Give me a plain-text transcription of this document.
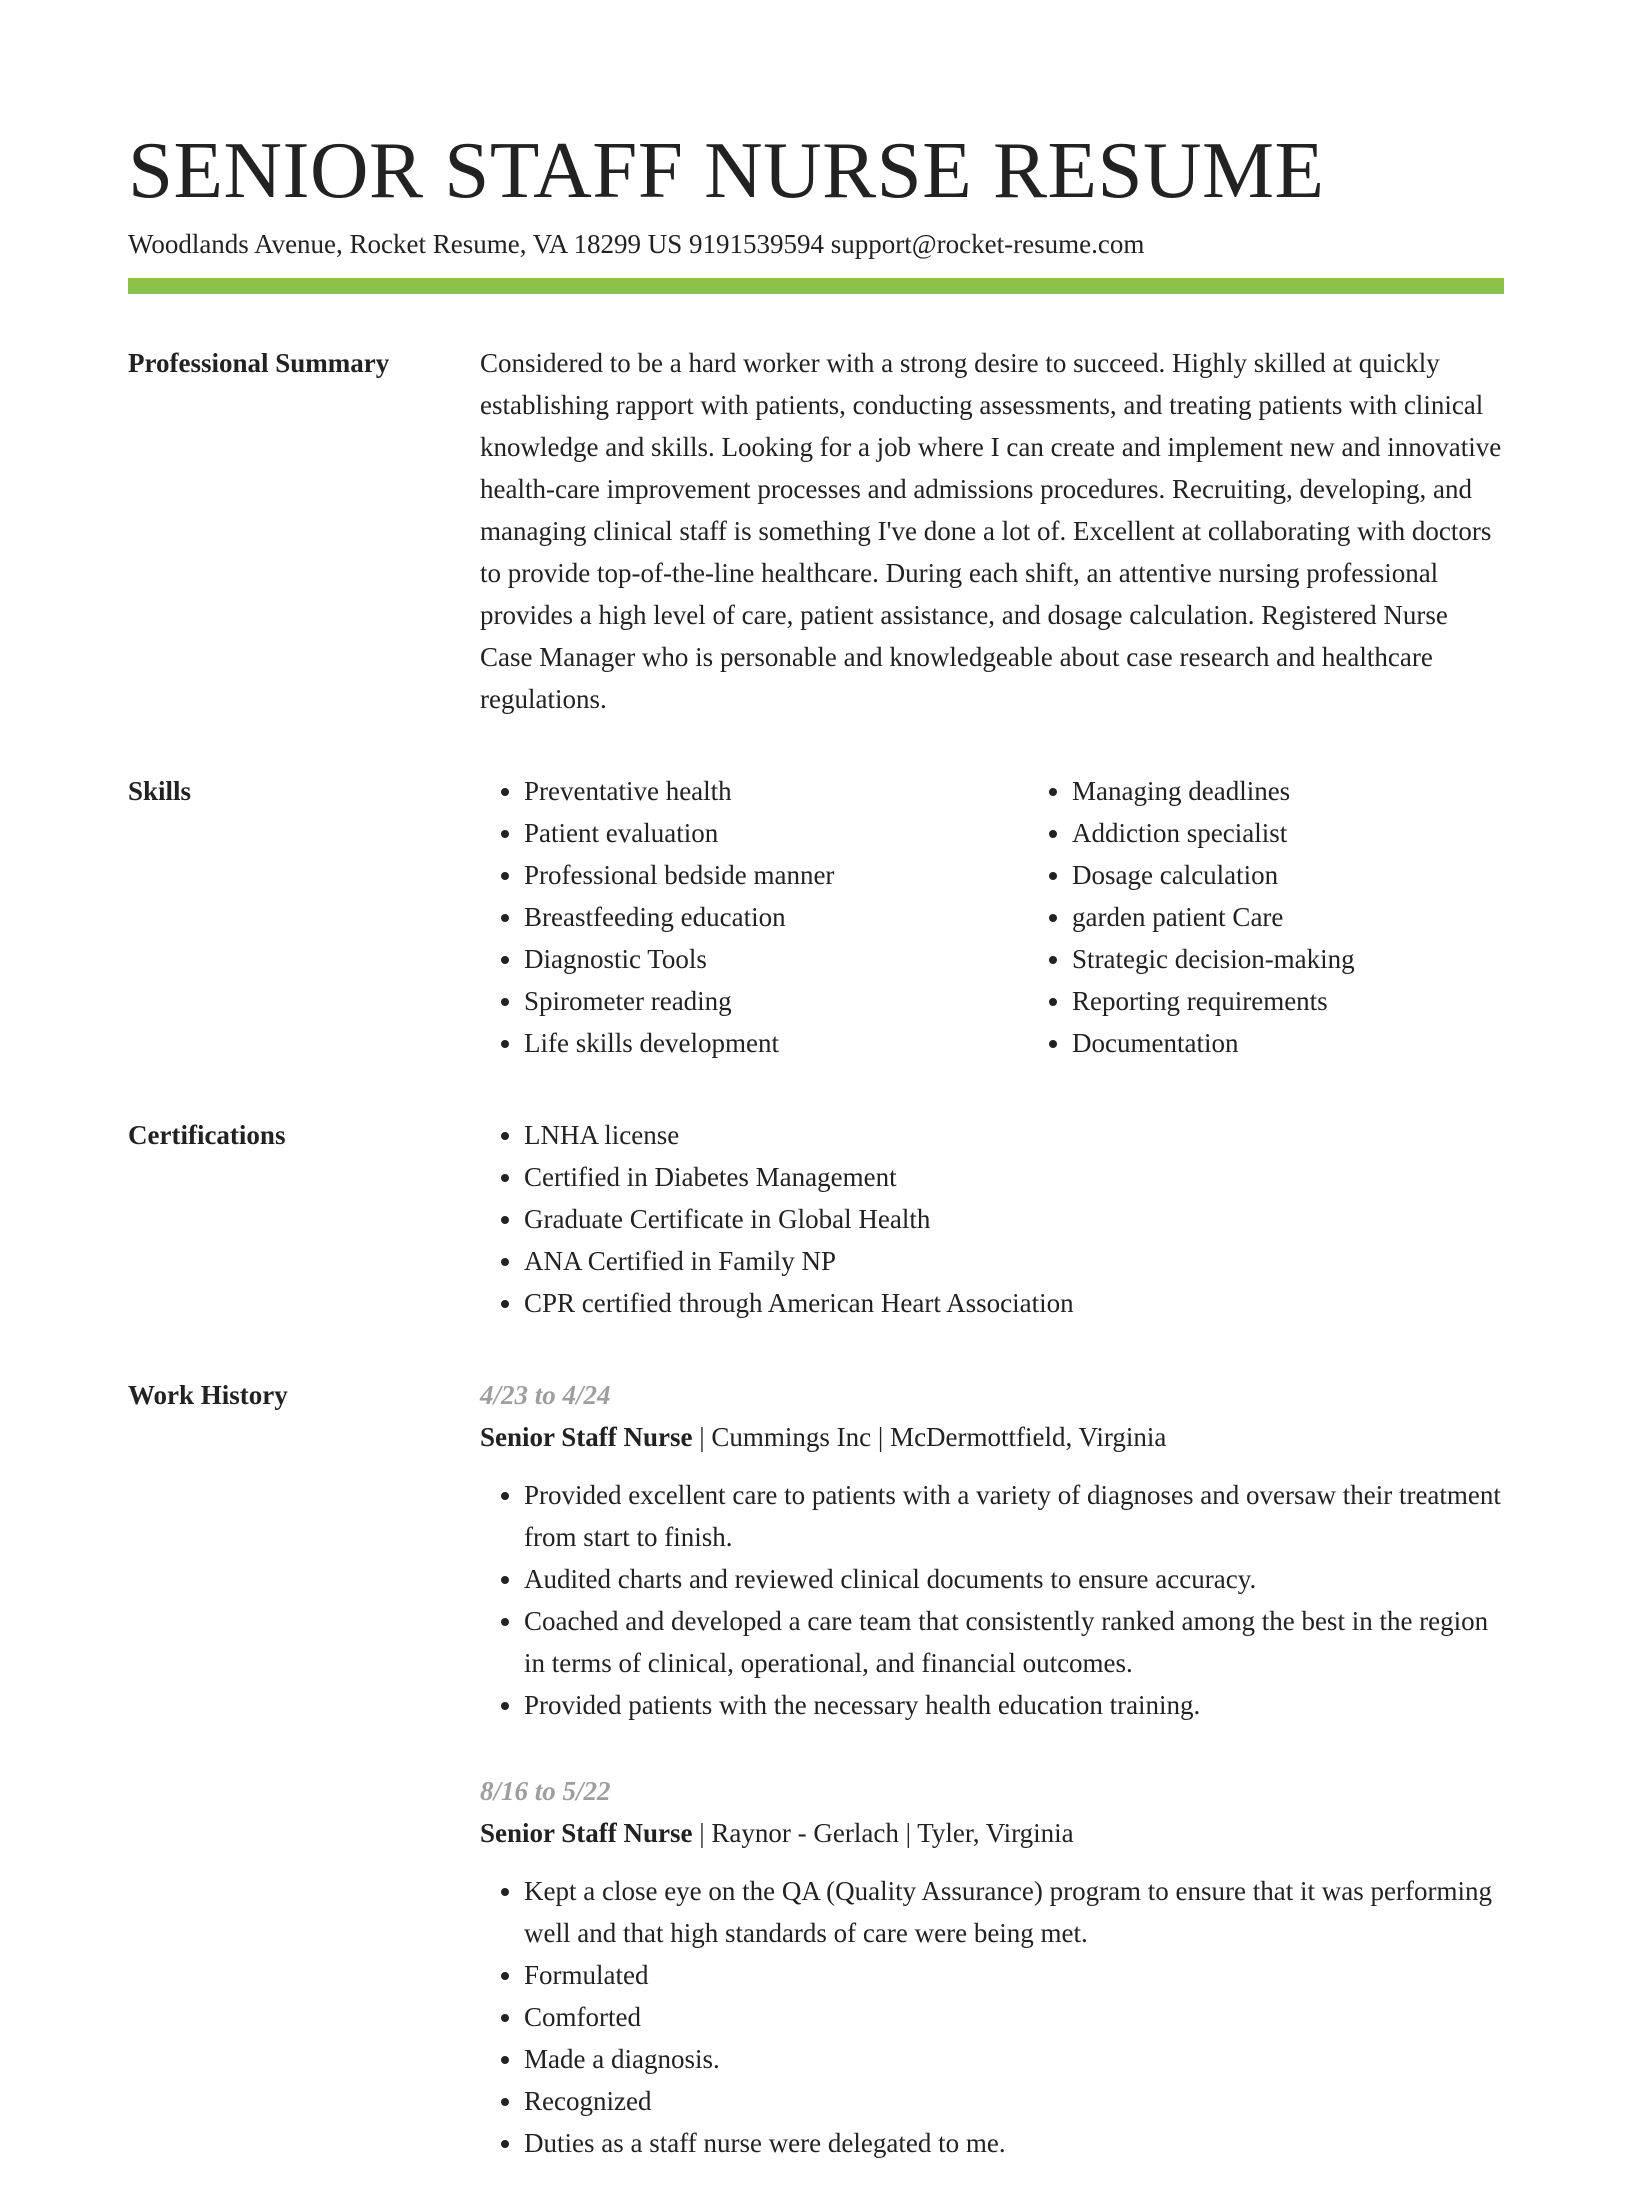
SENIOR STAFF NURSE RESUME
Woodlands Avenue, Rocket Resume, VA 18299 US 9191539594 support@rocket-resume.com
Professional Summary	Considered to be a hard worker with a strong desire to succeed. Highly skilled at quickly establishing rapport with patients, conducting assessments, and treating patients with clinical knowledge and skills. Looking for a job where I can create and implement new and innovative health-care improvement processes and admissions procedures. Recruiting, developing, and managing clinical staff is something I've done a lot of. Excellent at collaborating with doctors to provide top-of-the-line healthcare. During each shift, an attentive nursing professional provides a high level of care, patient assistance, and dosage calculation. Registered Nurse Case Manager who is personable and knowledgeable about case research and healthcare regulations.

Skills	• Preventative health
• Patient evaluation
• Professional bedside manner
• Breastfeeding education
• Diagnostic Tools
• Spirometer reading
• Life skills development
• Managing deadlines
• Addiction specialist
• Dosage calculation
• garden patient Care
• Strategic decision-making
• Reporting requirements
• Documentation
Certifications	• LNHA license
• Certified in Diabetes Management
• Graduate Certificate in Global Health
• ANA Certified in Family NP
• CPR certified through American Heart Association
Work History	4/23 to 4/24
Senior Staff Nurse | Cummings Inc | McDermottfield, Virginia
• Provided excellent care to patients with a variety of diagnoses and oversaw their treatment from start to finish.
• Audited charts and reviewed clinical documents to ensure accuracy.
• Coached and developed a care team that consistently ranked among the best in the region in terms of clinical, operational, and financial outcomes.
• Provided patients with the necessary health education training.
8/16 to 5/22
Senior Staff Nurse | Raynor - Gerlach | Tyler, Virginia
• Kept a close eye on the QA (Quality Assurance) program to ensure that it was performing well and that high standards of care were being met.
• Formulated
• Comforted
• Made a diagnosis.
• Recognized
• Duties as a staff nurse were delegated to me.
